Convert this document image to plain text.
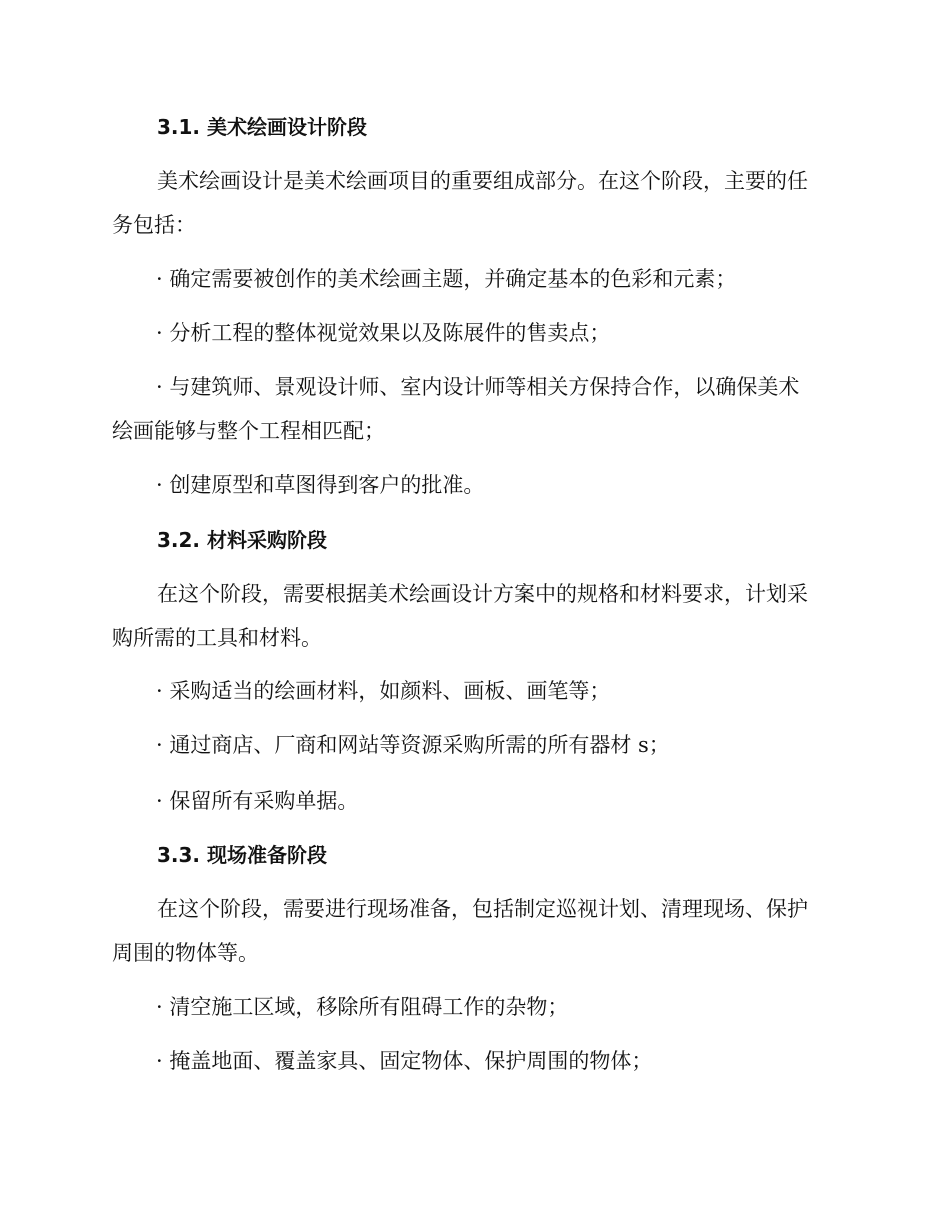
3.1. 美术绘画设计阶段

美术绘画设计是美术绘画项目的重要组成部分。在这个阶段，主要的任

务包括：

· 确定需要被创作的美术绘画主题，并确定基本的色彩和元素；

· 分析工程的整体视觉效果以及陈展件的售卖点；

· 与建筑师、景观设计师、室内设计师等相关方保持合作，以确保美术

绘画能够与整个工程相匹配；

· 创建原型和草图得到客户的批准。

3.2. 材料采购阶段

在这个阶段，需要根据美术绘画设计方案中的规格和材料要求，计划采

购所需的工具和材料。

· 采购适当的绘画材料，如颜料、画板、画笔等；

· 通过商店、厂商和网站等资源采购所需的所有器材 s；

· 保留所有采购单据。

3.3. 现场准备阶段

在这个阶段，需要进行现场准备，包括制定巡视计划、清理现场、保护

周围的物体等。

· 清空施工区域，移除所有阻碍工作的杂物；

· 掩盖地面、覆盖家具、固定物体、保护周围的物体；
